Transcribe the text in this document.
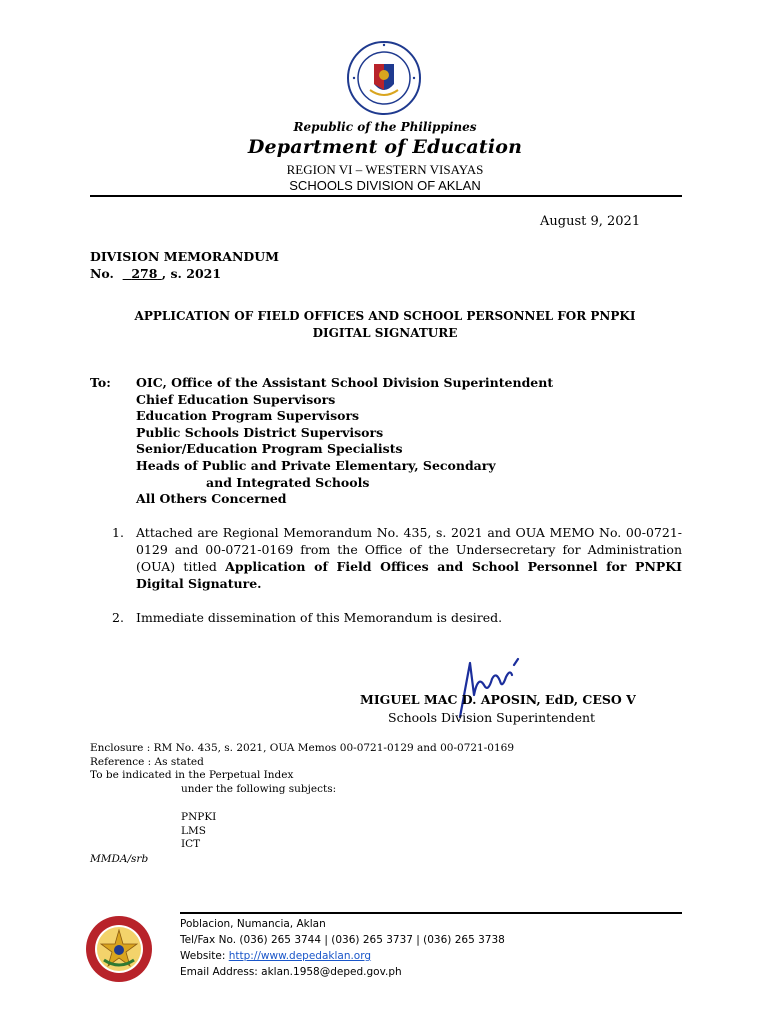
Republic of the Philippines
Department of Education
REGION VI – WESTERN VISAYAS
SCHOOLS DIVISION OF AKLAN
August 9, 2021
DIVISION MEMORANDUM
No. 278 , s. 2021
APPLICATION OF FIELD OFFICES AND SCHOOL PERSONNEL FOR PNPKI
DIGITAL SIGNATURE
To: OIC, Office of the Assistant School Division Superintendent
Chief Education Supervisors
Education Program Supervisors
Public Schools District Supervisors
Senior/Education Program Specialists
Heads of Public and Private Elementary, Secondary
and Integrated Schools
All Others Concerned
1. Attached are Regional Memorandum No. 435, s. 2021 and OUA MEMO No. 00-0721-0129 and 00-0721-0169 from the Office of the Undersecretary for Administration (OUA) titled Application of Field Offices and School Personnel for PNPKI Digital Signature.
2. Immediate dissemination of this Memorandum is desired.
MIGUEL MAC D. APOSIN, EdD, CESO V
Schools Division Superintendent
Enclosure : RM No. 435, s. 2021, OUA Memos 00-0721-0129 and 00-0721-0169
Reference : As stated
To be indicated in the Perpetual Index
under the following subjects:
PNPKI
LMS
ICT
MMDA/srb
Poblacion, Numancia, Aklan
Tel/Fax No. (036) 265 3744 | (036) 265 3737 | (036) 265 3738
Website: http://www.depedaklan.org
Email Address: aklan.1958@deped.gov.ph
